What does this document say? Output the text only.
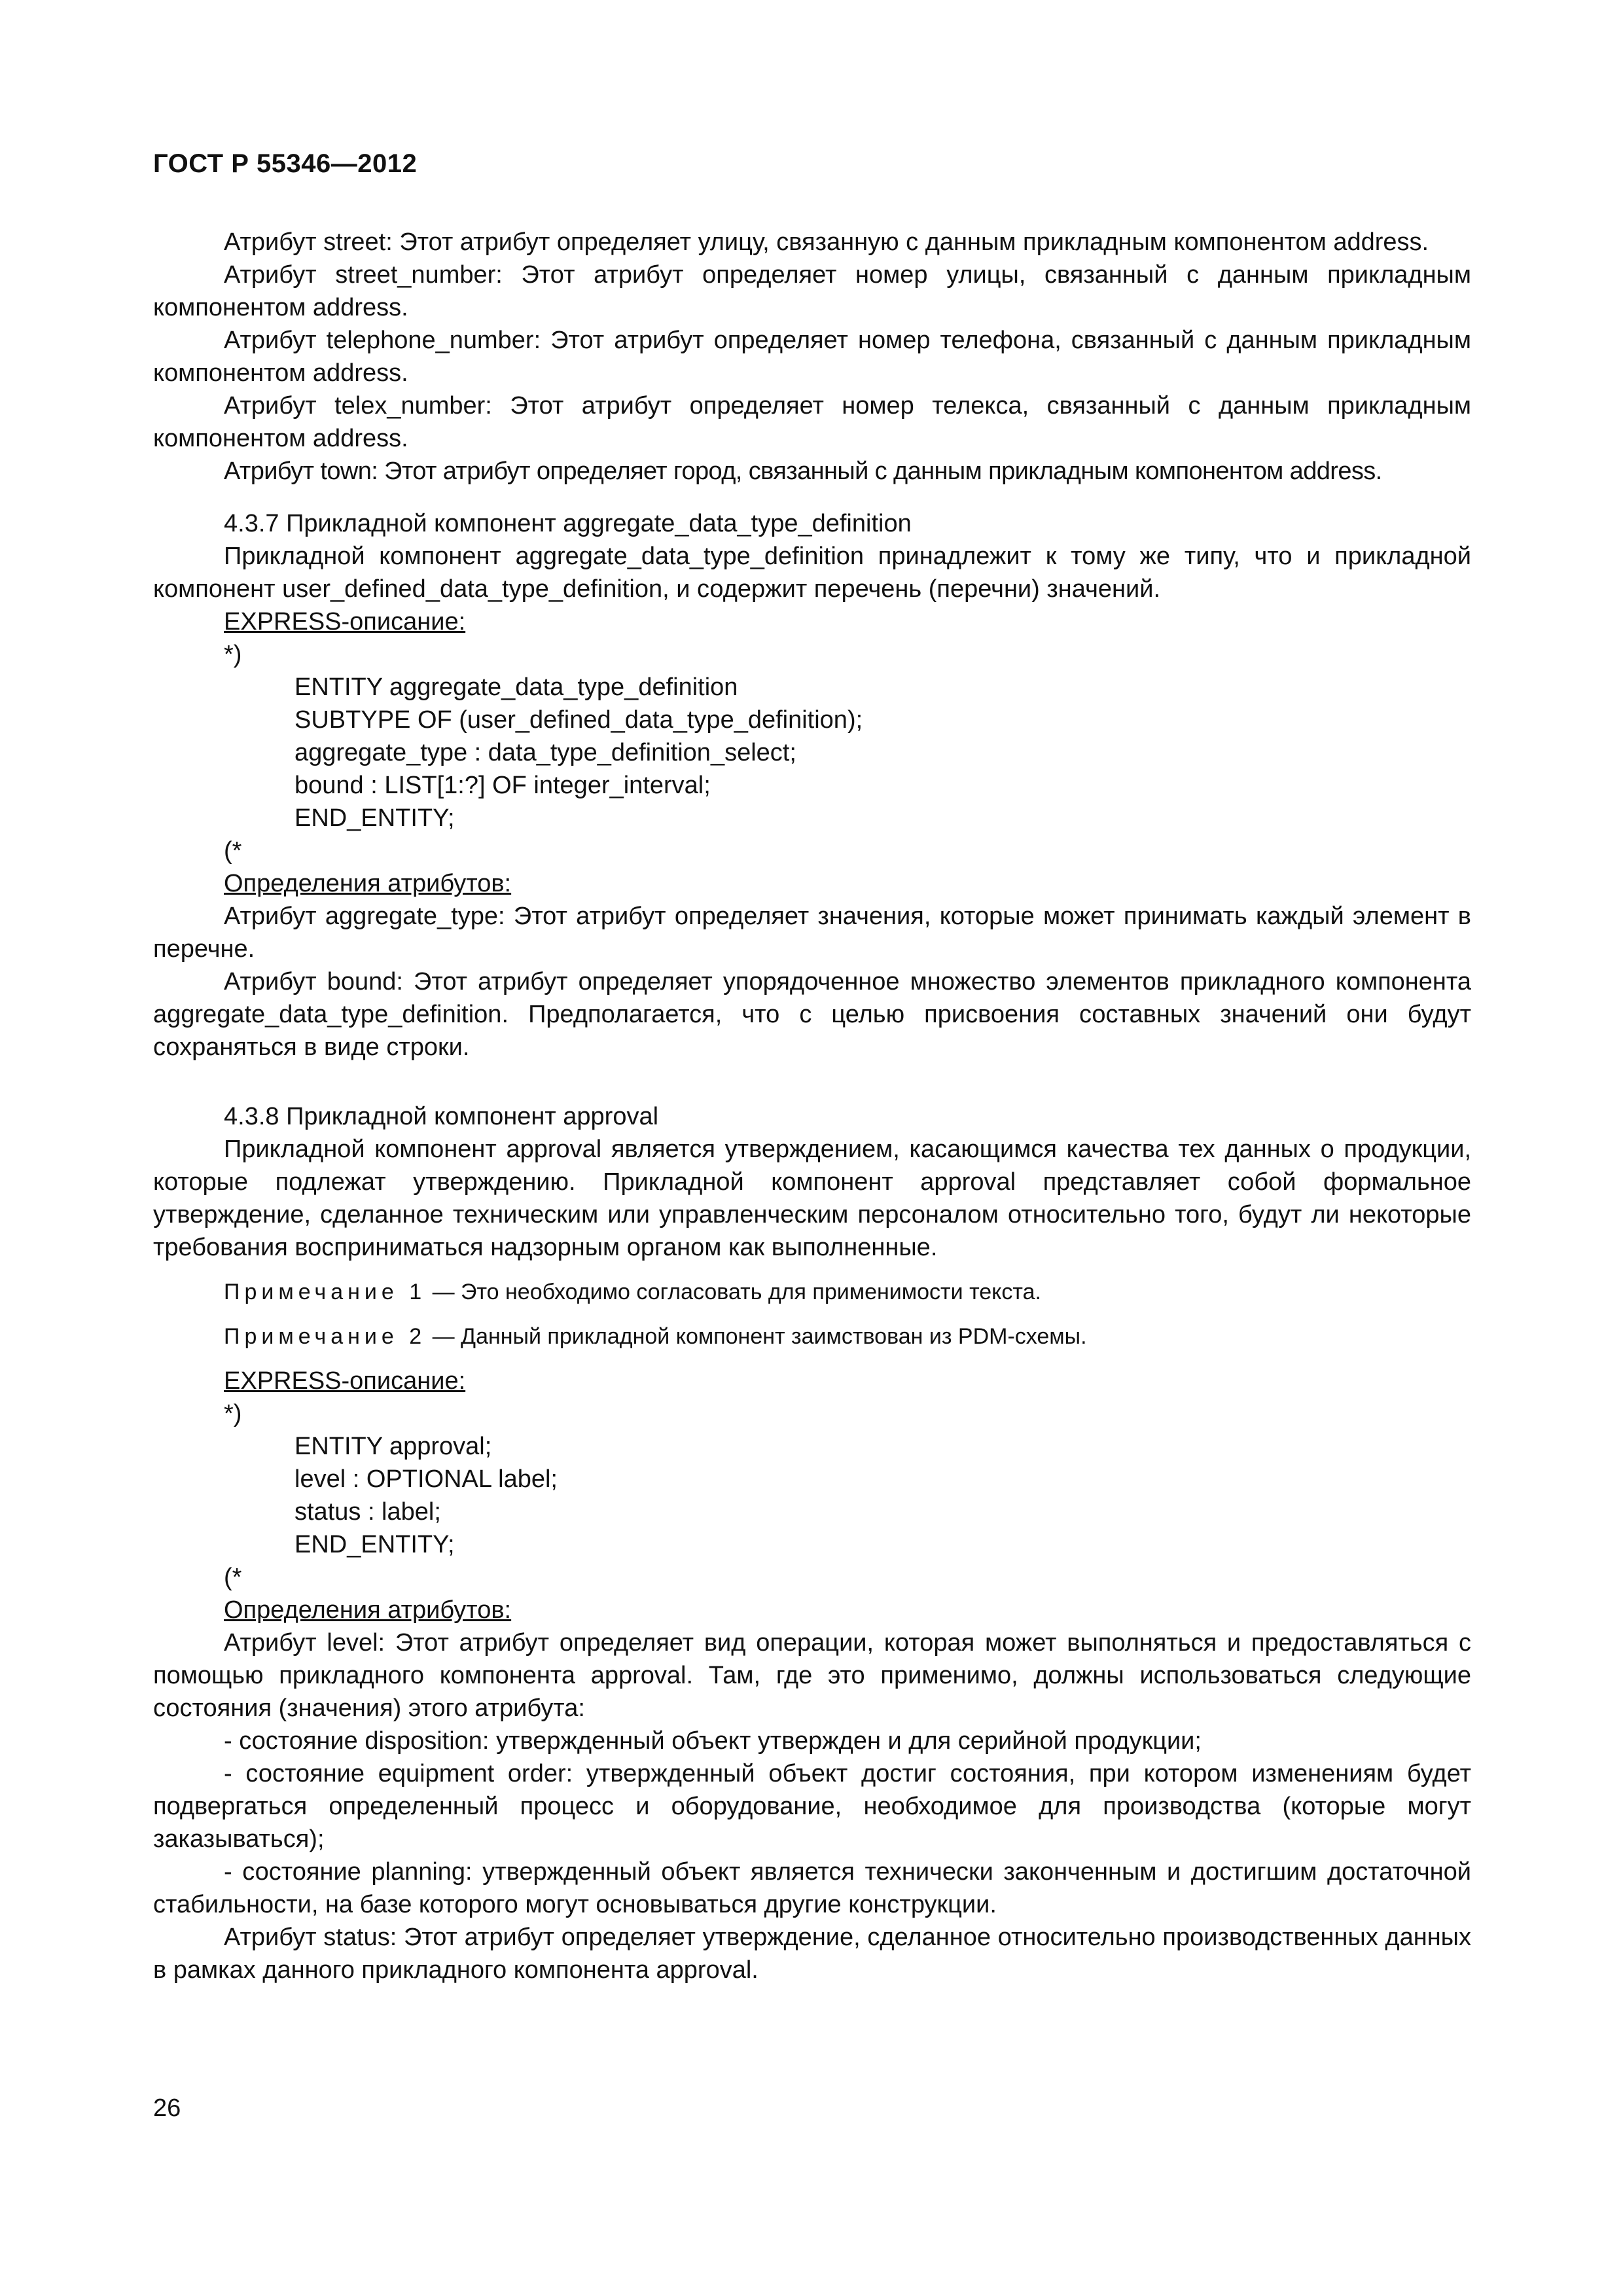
ГОСТ Р 55346—2012

Атрибут street: Этот атрибут определяет улицу, связанную с данным прикладным компонентом address.

Атрибут street_number: Этот атрибут определяет номер улицы, связанный с данным прикладным компонентом address.

Атрибут telephone_number: Этот атрибут определяет номер телефона, связанный с данным прикладным компонентом address.

Атрибут telex_number: Этот атрибут определяет номер телекса, связанный с данным прикладным компонентом address.

Атрибут town: Этот атрибут определяет город, связанный с данным прикладным компонентом address.

4.3.7 Прикладной компонент aggregate_data_type_definition

Прикладной компонент aggregate_data_type_definition принадлежит к тому же типу, что и прикладной компонент user_defined_data_type_definition, и содержит перечень (перечни) значений.

EXPRESS-описание:

*)

ENTITY aggregate_data_type_definition

SUBTYPE OF (user_defined_data_type_definition);

aggregate_type : data_type_definition_select;

bound : LIST[1:?] OF integer_interval;

END_ENTITY;

(*

Определения атрибутов:

Атрибут aggregate_type: Этот атрибут определяет значения, которые может принимать каждый элемент в перечне.

Атрибут bound: Этот атрибут определяет упорядоченное множество элементов прикладного компонента aggregate_data_type_definition. Предполагается, что с целью присвоения составных значений они будут сохраняться в виде строки.

4.3.8 Прикладной компонент approval

Прикладной компонент approval является утверждением, касающимся качества тех данных о продукции, которые подлежат утверждению. Прикладной компонент approval представляет собой формальное утверждение, сделанное техническим или управленческим персоналом относительно того, будут ли некоторые требования восприниматься надзорным органом как выполненные.

Примечание 1 — Это необходимо согласовать для применимости текста.

Примечание 2 — Данный прикладной компонент заимствован из PDM-схемы.

EXPRESS-описание:

*)

ENTITY approval;

level : OPTIONAL label;

status : label;

END_ENTITY;

(*

Определения атрибутов:

Атрибут level: Этот атрибут определяет вид операции, которая может выполняться и предоставляться с помощью прикладного компонента approval. Там, где это применимо, должны использоваться следующие состояния (значения) этого атрибута:

- состояние disposition: утвержденный объект утвержден и для серийной продукции;

- состояние equipment order: утвержденный объект достиг состояния, при котором изменениям будет подвергаться определенный процесс и оборудование, необходимое для производства (которые могут заказываться);

- состояние planning: утвержденный объект является технически законченным и достигшим достаточной стабильности, на базе которого могут основываться другие конструкции.

Атрибут status: Этот атрибут определяет утверждение, сделанное относительно производственных данных в рамках данного прикладного компонента approval.

26
